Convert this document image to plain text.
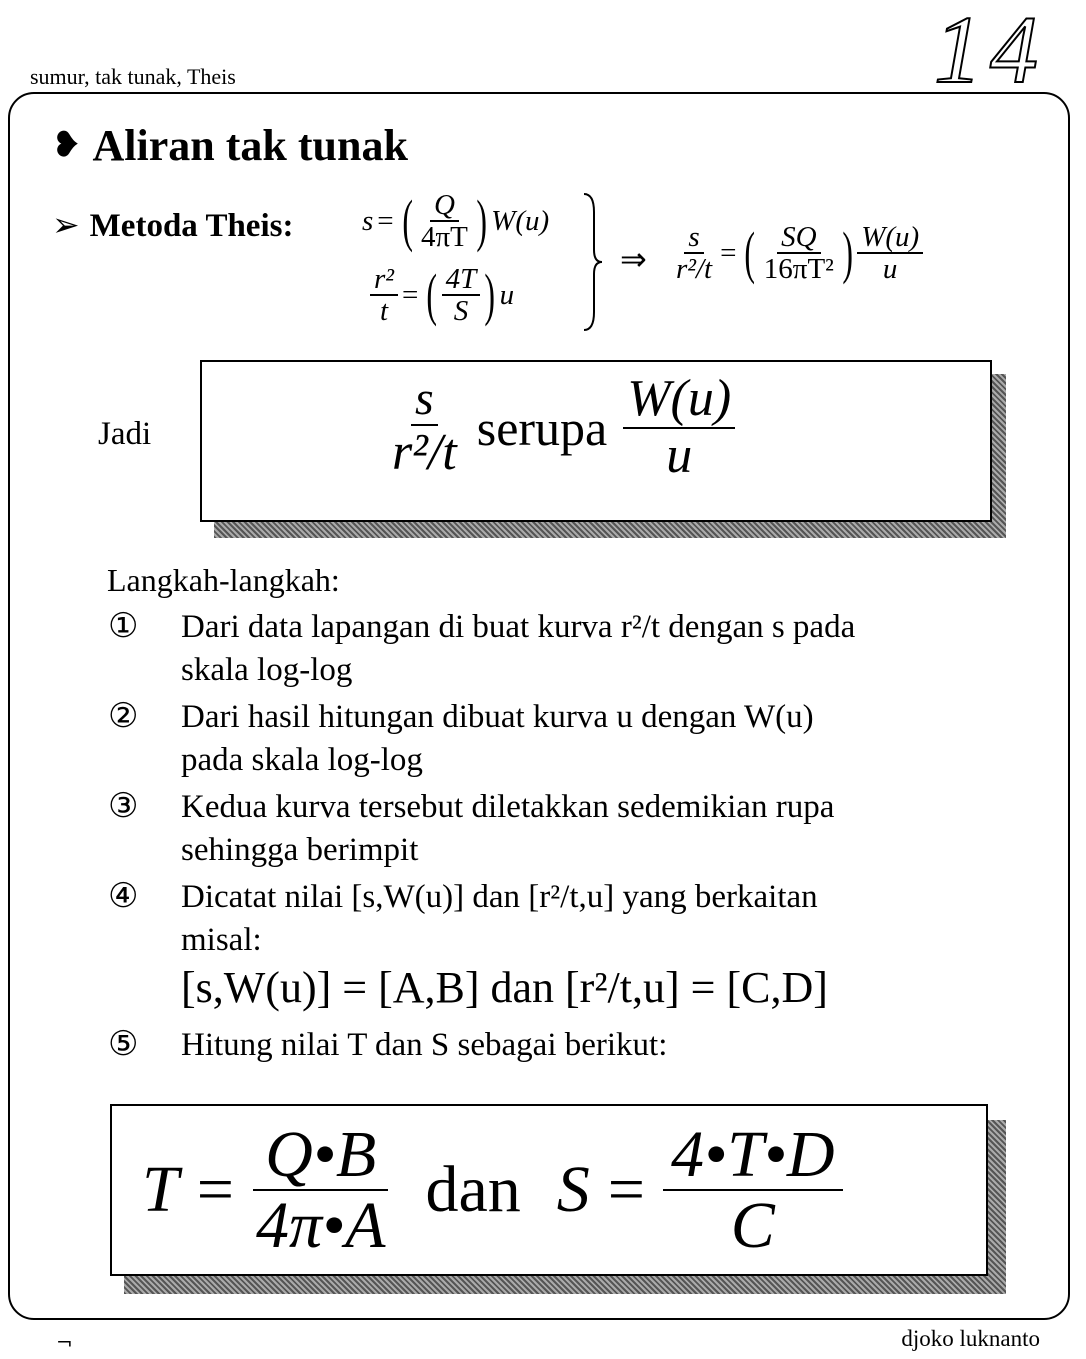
sumur, tak tunak, Theis	14
❥ Aliran tak tunak
➢ Metoda Theis: s = ( $\frac{Q}{4\pi T}$ ) W(u)
$\frac{\text{r²}}{t}$ = ( $\frac{4T}{S}$ ) u
⇒ $\frac{s}{\text{r²/t}}$ = ( $\frac{SQ}{\text{16πT²}}$ ) $\frac{W(u)}{u}$
Jadi	$\frac{s}{\text{r²/t}}$ serupa $\frac{W(u)}{u}$
Langkah-langkah:
① Dari data lapangan di buat kurva r²/t dengan s pada
skala log-log
② Dari hasil hitungan dibuat kurva u dengan W(u)
pada skala log-log
③ Kedua kurva tersebut diletakkan sedemikian rupa
sehingga berimpit
④ Dicatat nilai [s,W(u)] dan [r²/t,u] yang berkaitan
misal:
[s,W(u)] = [A,B] dan [r²/t,u] = [C,D]
⑤ Hitung nilai T dan S sebagai berikut:
$T = \frac{Q•B}{4\pi•A}$ dan $S = \frac{4•T•D}{C}$
¬	djoko luknanto
